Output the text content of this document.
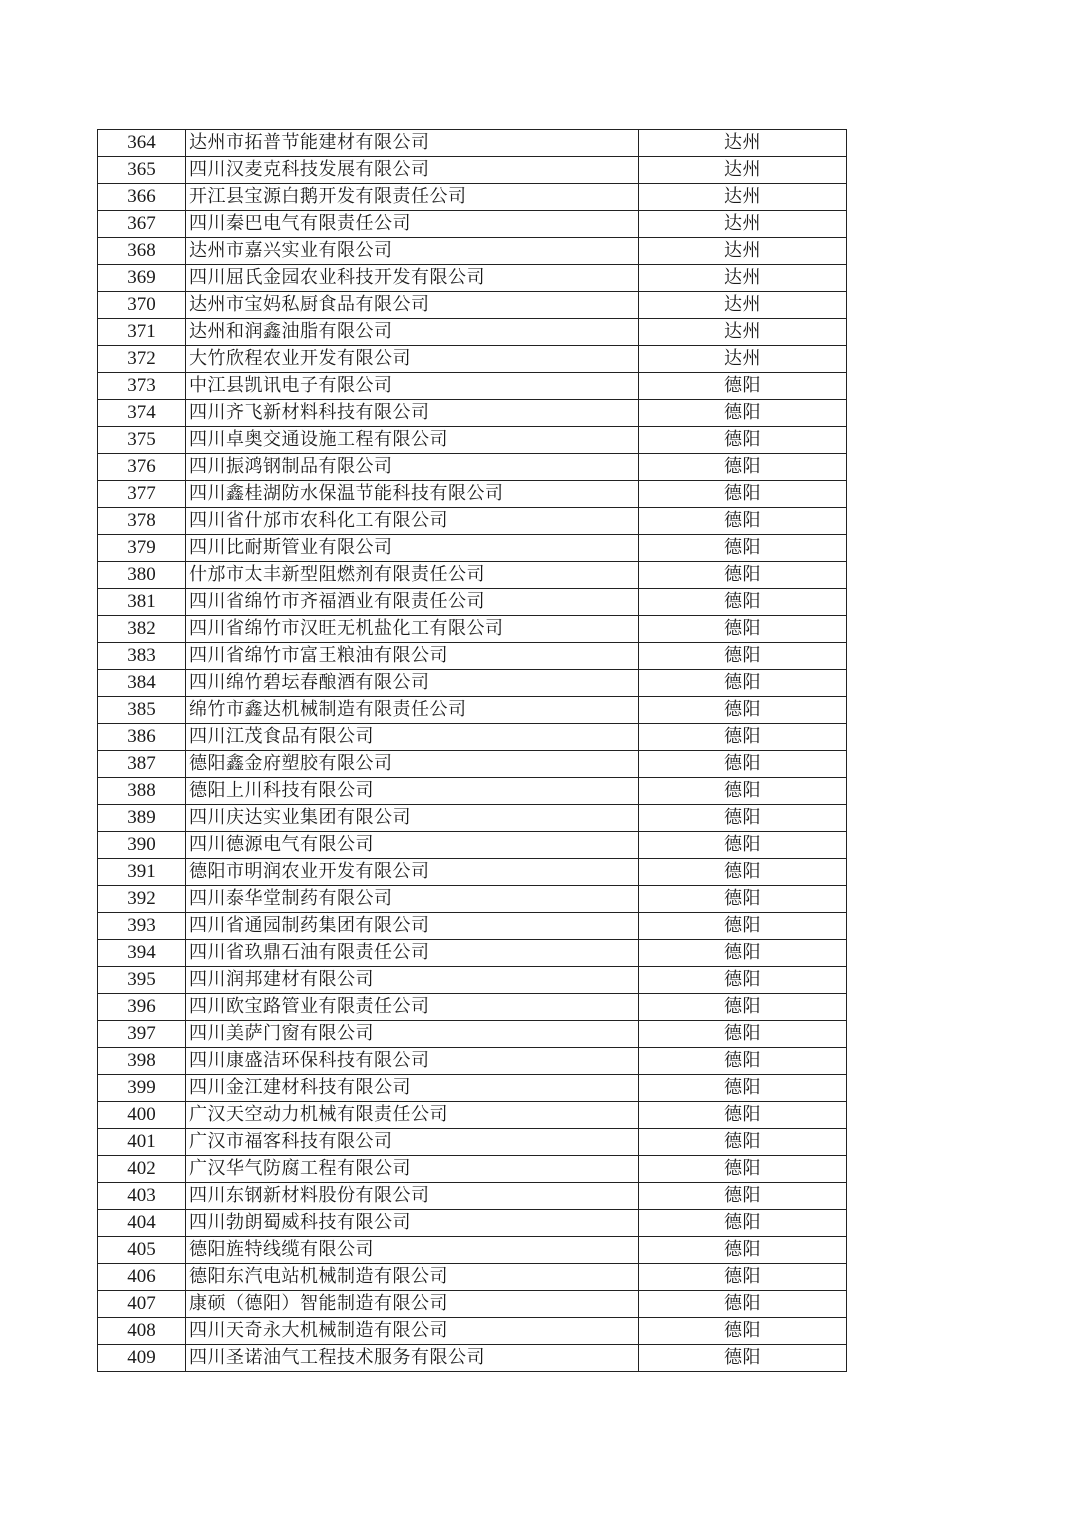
364	达州市拓普节能建材有限公司	达州
365	四川汉麦克科技发展有限公司	达州
366	开江县宝源白鹅开发有限责任公司	达州
367	四川秦巴电气有限责任公司	达州
368	达州市嘉兴实业有限公司	达州
369	四川屈氏金园农业科技开发有限公司	达州
370	达州市宝妈私厨食品有限公司	达州
371	达州和润鑫油脂有限公司	达州
372	大竹欣程农业开发有限公司	达州
373	中江县凯讯电子有限公司	德阳
374	四川齐飞新材料科技有限公司	德阳
375	四川卓奥交通设施工程有限公司	德阳
376	四川振鸿钢制品有限公司	德阳
377	四川鑫桂湖防水保温节能科技有限公司	德阳
378	四川省什邡市农科化工有限公司	德阳
379	四川比耐斯管业有限公司	德阳
380	什邡市太丰新型阻燃剂有限责任公司	德阳
381	四川省绵竹市齐福酒业有限责任公司	德阳
382	四川省绵竹市汉旺无机盐化工有限公司	德阳
383	四川省绵竹市富王粮油有限公司	德阳
384	四川绵竹碧坛春酿酒有限公司	德阳
385	绵竹市鑫达机械制造有限责任公司	德阳
386	四川江茂食品有限公司	德阳
387	德阳鑫金府塑胶有限公司	德阳
388	德阳上川科技有限公司	德阳
389	四川庆达实业集团有限公司	德阳
390	四川德源电气有限公司	德阳
391	德阳市明润农业开发有限公司	德阳
392	四川泰华堂制药有限公司	德阳
393	四川省通园制药集团有限公司	德阳
394	四川省玖鼎石油有限责任公司	德阳
395	四川润邦建材有限公司	德阳
396	四川欧宝路管业有限责任公司	德阳
397	四川美萨门窗有限公司	德阳
398	四川康盛洁环保科技有限公司	德阳
399	四川金江建材科技有限公司	德阳
400	广汉天空动力机械有限责任公司	德阳
401	广汉市福客科技有限公司	德阳
402	广汉华气防腐工程有限公司	德阳
403	四川东钢新材料股份有限公司	德阳
404	四川勃朗蜀威科技有限公司	德阳
405	德阳旌特线缆有限公司	德阳
406	德阳东汽电站机械制造有限公司	德阳
407	康硕（德阳）智能制造有限公司	德阳
408	四川天奇永大机械制造有限公司	德阳
409	四川圣诺油气工程技术服务有限公司	德阳
